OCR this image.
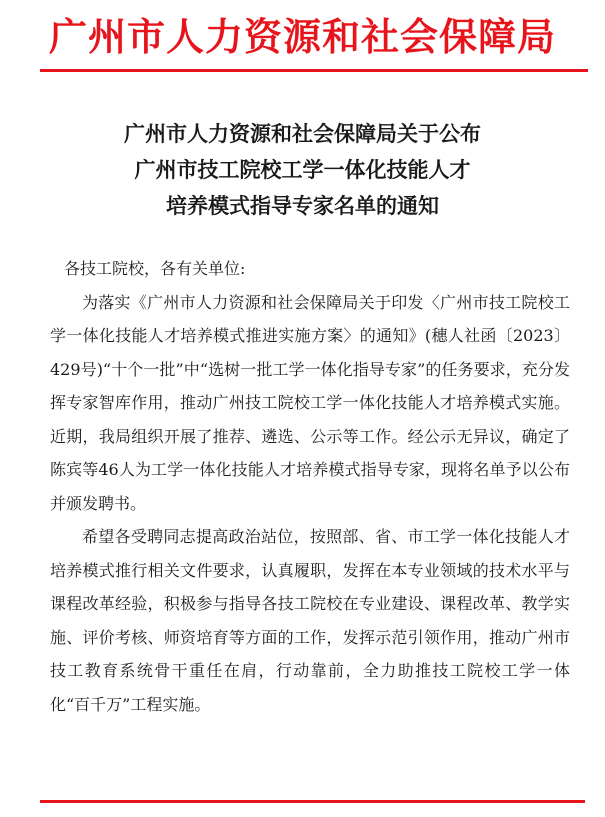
广州市人力资源和社会保障局
广州市人力资源和社会保障局关于公布
广州市技工院校工学一体化技能人才
培养模式指导专家名单的通知

各技工院校，各有关单位:

为落实《广州市人力资源和社会保障局关于印发〈广州市技工院校工学一体化技能人才培养模式推进实施方案〉的通知》(穗人社函〔2023〕429号)“十个一批”中“选树一批工学一体化指导专家”的任务要求，充分发挥专家智库作用，推动广州技工院校工学一体化技能人才培养模式实施。近期，我局组织开展了推荐、遴选、公示等工作。经公示无异议，确定了陈宾等46人为工学一体化技能人才培养模式指导专家，现将名单予以公布并颁发聘书。

希望各受聘同志提高政治站位，按照部、省、市工学一体化技能人才培养模式推行相关文件要求，认真履职，发挥在本专业领域的技术水平与课程改革经验，积极参与指导各技工院校在专业建设、课程改革、教学实施、评价考核、师资培育等方面的工作，发挥示范引领作用，推动广州市技工教育系统骨干重任在肩，行动靠前，全力助推技工院校工学一体化“百千万”工程实施。
